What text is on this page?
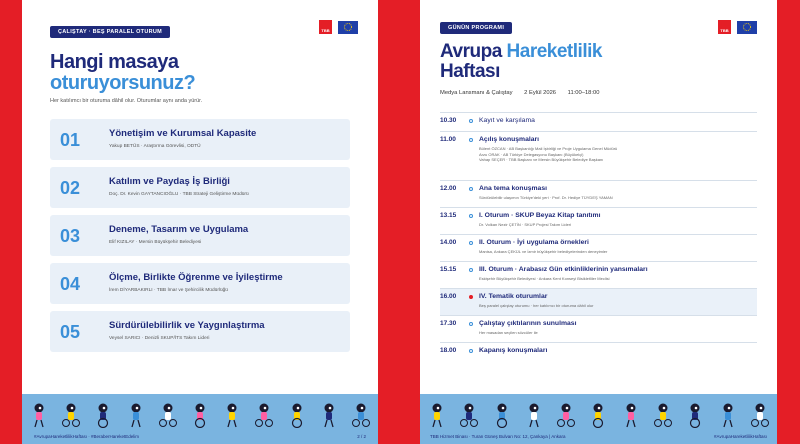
ÇALIŞTAY · BEŞ PARALEL OTURUM	TBB
Hangi masaya
oturuyorsunuz?
Her katılımcı bir oturuma dâhil olur. Oturumlar aynı anda yürür.
01	Yönetişim ve Kurumsal Kapasite
Yakup BETÜS · Araştırma Görevlisi, ODTÜ
02	Katılım ve Paydaş İş Birliği
Doç. Dr. Kevin GAYTANCIOĞLU · TBB Strateji Geliştirme Müdürü
03	Deneme, Tasarım ve Uygulama
Elif KIZILAY · Mersin Büyükşehir Belediyesi
04	Ölçme, Birlikte Öğrenme ve İyileştirme
İrem DİYARBAKIRLI · TBB İmar ve Şehircilik Müdürlüğü
05	Sürdürülebilirlik ve Yaygınlaştırma
Veysel SARICI · Denizli SKUP/İTS Takım Lideri
#AvrupaHareketlilikHaftası · #BeraberHareketEdelim	2 / 2
GÜNÜN PROGRAMI	TBB
Avrupa Hareketlilik
Haftası
Medya Lansmanı & Çalıştay 2 Eylül 2026 11:00–18:00
10.30	Kayıt ve karşılama
11.00	Açılış konuşmaları
Bülent ÖZCAN · AB Başkanlığı Mali İşbirliği ve Proje Uygulama Genel Müdürü
Arzu ORAK · AB Türkiye Delegasyonu Başkanı (Büyükelçi)
Vahap SEÇER · TBB Başkanı ve Mersin Büyükşehir Belediye Başkanı
12.00	Ana tema konuşması
Sürdürülebilir ulaşımın Türkiye'deki yeri · Prof. Dr. Hediye TÜYDEŞ YAMAN
13.15	I. Oturum · SKUP Beyaz Kitap tanıtımı
Dr. Volkan Nezir ÇETİN · SKUP Projesi Takım Lideri
14.00	II. Oturum · İyi uygulama örnekleri
Manisa, Ankara ÇEKÜL ve İzmir büyükşehir belediyelerinden deneyimler
15.15	III. Oturum · Arabasız Gün etkinliklerinin yansımaları
Eskişehir Büyükşehir Belediyesi · Ankara Kent Konseyi Bisikletliler Meclisi
16.00	IV. Tematik oturumlar
Beş paralel çalıştay oturumu · her katılımcı bir oturuma dâhil olur
17.30	Çalıştay çıktılarının sunulması
Her masadan seçilen sözcüler ile
18.00	Kapanış konuşmaları
TBB Hizmet Binası · Turan Güneş Bulvarı No: 12, Çankaya | Ankara	#AvrupaHareketlilikHaftası
